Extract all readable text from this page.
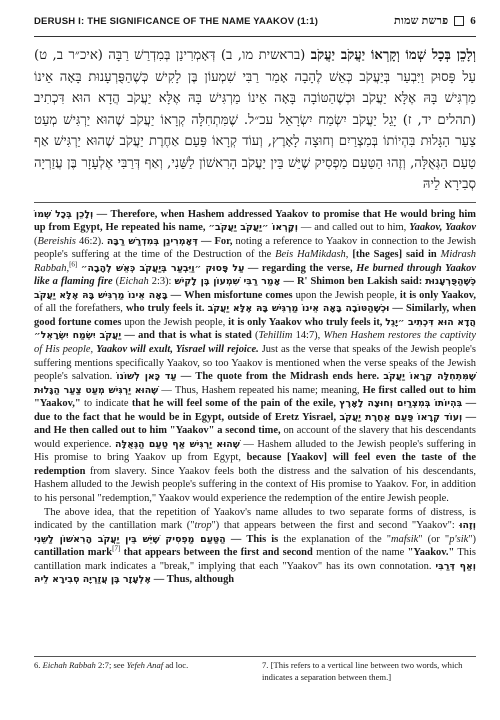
DERUSH I: THE SIGNIFICANCE OF THE NAME YAAKOV (1:1)	פרשת שמות 6

וְלָכֵן בְּכָל שְׁמוֹ וְקָרְאוֹ יַעֲקֹב יַעֲקֹב (בראשית מו, ב) דְּאָמְרִינַן בְּמִדְרַשׁ רַבָּה (איכ״ר ב, ט) עַל פָּסוּק וַיִּבְעַר בְּיַעֲקֹב כְּאֵשׁ לֶהָבָה אָמַר רַבִּי שִׁמְעוֹן בֶּן לָקִישׁ כְּשֶׁהַפֻּרְעָנוּת בָּאָה אֵינוֹ מַרְגִּישׁ בָּהּ אֶלָּא יַעֲקֹב וּכְשֶׁהַטּוֹבָה בָּאָה אֵינוֹ מַרְגִּישׁ בָּהּ אֶלָּא יַעֲקֹב הֲדָא הוּא דִּכְתִיב (תהלים יד, ז) יָגֵל יַעֲקֹב יִשְׂמַח יִשְׂרָאֵל עכ״ל. שֶׁמִּתְחִלָּה קְרָאוֹ יַעֲקֹב שֶׁהוּא יַרְגִּישׁ מְעַט צַעַר הַגָּלוּת בִּהְיוֹתוֹ בְּמִצְרַיִם וְחוּצָה לָאָרֶץ, וְעוֹד קְרָאוֹ פַּעַם אַחֶרֶת יַעֲקֹב שֶׁהוּא יַרְגִּישׁ אַף טַעַם הַגְּאֻלָּה, וְזֶהוּ הַטַּעַם מַפְסִיק שֶׁיֵּשׁ בֵּין יַעֲקֹב הָרִאשׁוֹן לַשֵּׁנִי, וְאַף דְּרַבִּי אֶלְעָזָר בֶּן עֲזַרְיָה סְבִירָא לֵיהּ

וְלָכֵן בְּכָל שְׁמוֹ — Therefore, when Hashem addressed Yaakov to promise that He would bring him up from Egypt, He repeated his name, וְקָרְאוֹ ״יַעֲקֹב יַעֲקֹב״ — and called out to him, Yaakov, Yaakov (Bereishis 46:2). דְּאָמְרִינַן בְּמִדְרַשׁ רַבָּה — For, noting a reference to Yaakov in connection to the Jewish people's suffering at the time of the Destruction of the Beis HaMikdash, [the Sages] said in Midrash Rabbah,[6] עַל פָּסוּק ״וַיִּבְעַר בְּיַעֲקֹב כְּאֵשׁ לֶהָבָה״ — regarding the verse, He burned through Yaakov like a flaming fire (Eichah 2:3): אָמַר רַבִּי שִׁמְעוֹן בֶּן לָקִישׁ — R' Shimon ben Lakish said: כְּשֶׁהַפֻּרְעָנוּת בָּאָה אֵינוֹ מַרְגִּישׁ בָּהּ אֶלָּא יַעֲקֹב — When misfortune comes upon the Jewish people, it is only Yaakov, of all the forefathers, who truly feels it. וּכְשֶׁהַטּוֹבָה בָּאָה אֵינוֹ מַרְגִּישׁ בָּהּ אֶלָּא יַעֲקֹב — Similarly, when good fortune comes upon the Jewish people, it is only Yaakov who truly feels it, הֲדָא הוּא דִּכְתִיב ״יָגֵל יַעֲקֹב יִשְׂמַח יִשְׂרָאֵל״ — and that is what is stated (Tehillim 14:7), When Hashem restores the captivity of His people, Yaakov will exult, Yisrael will rejoice. Just as the verse that speaks of the Jewish people's suffering mentions specifically Yaakov, so too Yaakov is mentioned when the verse speaks of the Jewish people's salvation. עַד כָּאן לְשׁוֹנוֹ — The quote from the Midrash ends here. שֶׁמִּתְחִלָּה קְרָאוֹ יַעֲקֹב שֶׁהוּא יַרְגִּישׁ מְעַט צַעַר הַגָּלוּת — Thus, Hashem repeated his name; meaning, He first called out to him "Yaakov," to indicate that he will feel some of the pain of the exile, בִּהְיוֹתוֹ בְּמִצְרַיִם וְחוּצָה לָאָרֶץ — due to the fact that he would be in Egypt, outside of Eretz Yisrael, וְעוֹד קְרָאוֹ פַּעַם אַחֶרֶת יַעֲקֹב — and He then called out to him "Yaakov" a second time, on account of the slavery that his descendants would experience. שֶׁהוּא יַרְגִּישׁ אַף טַעַם הַגְּאֻלָּה — Hashem alluded to the Jewish people's suffering in His promise to bring Yaakov up from Egypt, because [Yaakov] will feel even the taste of the redemption from slavery. Since Yaakov feels both the distress and the salvation of his descendants, Hashem alluded to the Jewish people's suffering in the context of His promise to Yaakov. For, in addition to his personal "redemption," Yaakov would experience the redemption of the entire Jewish people.

The above idea, that the repetition of Yaakov's name alludes to two separate forms of distress, is indicated by the cantillation mark ("trop") that appears between the first and second "Yaakov": וְזֶהוּ הַטַּעַם מַפְסִיק שֶׁיֵּשׁ בֵּין יַעֲקֹב הָרִאשׁוֹן לַשֵּׁנִי — This is the explanation of the "mafsik" (or "p'sik") cantillation mark[7] that appears between the first and second mention of the name "Yaakov." This cantillation mark indicates a "break," implying that each "Yaakov" has its own connotation. וְאַף דְּרַבִּי אֶלְעָזָר בֶּן עֲזַרְיָה סְבִירָא לֵיהּ — Thus, although

6. Eichah Rabbah 2:7; see Yefeh Anaf ad loc.	7. [This refers to a vertical line between two words, which indicates a separation between them.]
